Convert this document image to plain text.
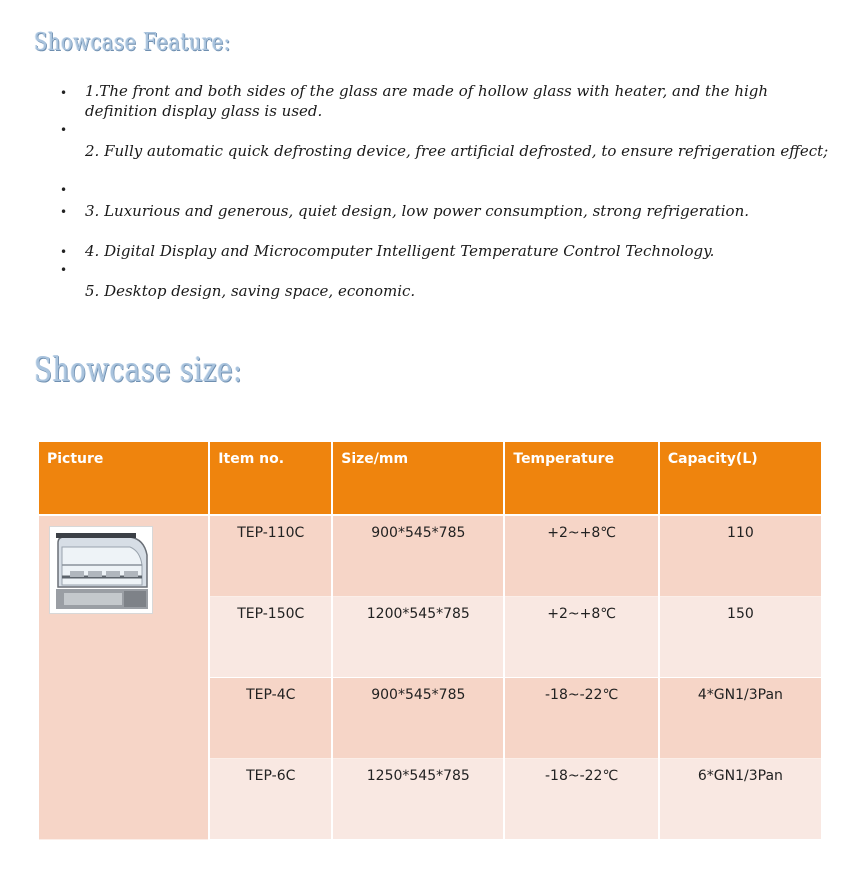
Showcase Feature:
• 1.The front and both sides of the glass are made of hollow glass with heater, and the high definition display glass is used.
•
2. Fully automatic quick defrosting device, free artificial defrosted, to ensure refrigeration effect;
•
• 3. Luxurious and generous, quiet design, low power consumption, strong refrigeration.
• 4. Digital Display and Microcomputer Intelligent Temperature Control Technology.
•
5. Desktop design, saving space, economic.
Showcase size:
Picture	Item no.	Size/mm	Temperature	Capacity(L)

	TEP-110C	900*545*785	+2~+8℃	110
	TEP-150C	1200*545*785	+2~+8℃	150
	TEP-4C	900*545*785	-18~-22℃	4*GN1/3Pan
	TEP-6C	1250*545*785	-18~-22℃	6*GN1/3Pan
